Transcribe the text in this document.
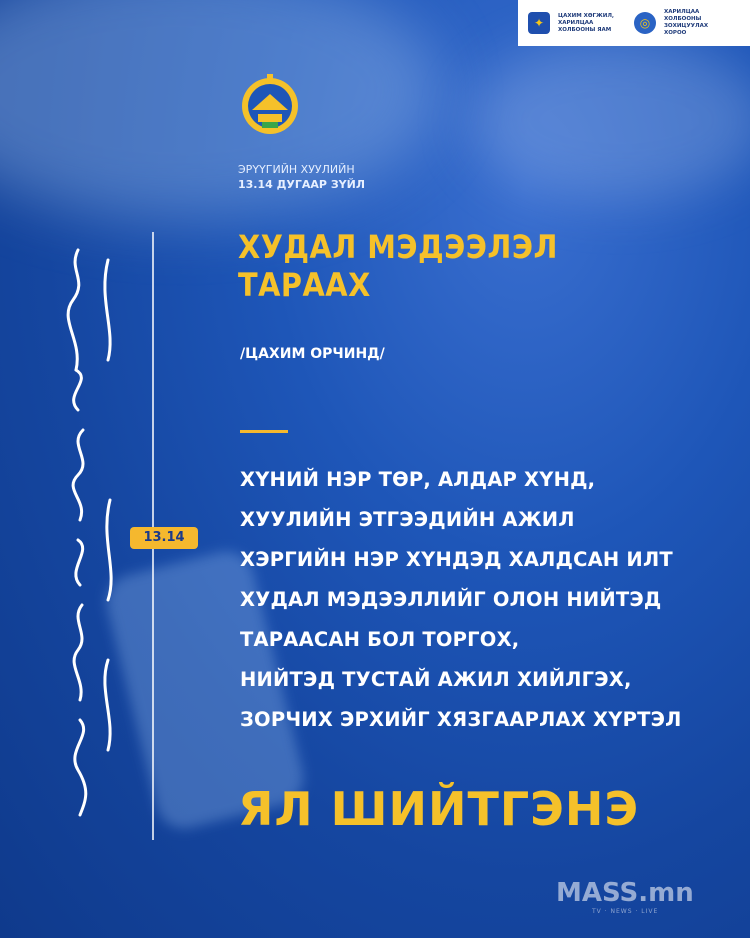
✦
ЦАХИМ ХӨГЖИЛ, ХАРИЛЦАА ХОЛБООНЫ ЯАМ	◎
ХАРИЛЦАА ХОЛБООНЫ ЗОХИЦУУЛАХ ХОРОО
ЭРҮҮГИЙН ХУУЛИЙН
13.14 ДУГААР ЗҮЙЛ
13.14
ХУДАЛ МЭДЭЭЛЭЛ
ТАРААХ
/ЦАХИМ ОРЧИНД/
ХҮНИЙ НЭР ТӨР, АЛДАР ХҮНД,
ХУУЛИЙН ЭТГЭЭДИЙН АЖИЛ
ХЭРГИЙН НЭР ХҮНДЭД ХАЛДСАН ИЛТ
ХУДАЛ МЭДЭЭЛЛИЙГ ОЛОН НИЙТЭД
ТАРААСАН БОЛ ТОРГОХ,
НИЙТЭД ТУСТАЙ АЖИЛ ХИЙЛГЭХ,
ЗОРЧИХ ЭРХИЙГ ХЯЗГААРЛАХ ХҮРТЭЛ
ЯЛ ШИЙТГЭНЭ
MASS.mn
TV · NEWS · LIVE
